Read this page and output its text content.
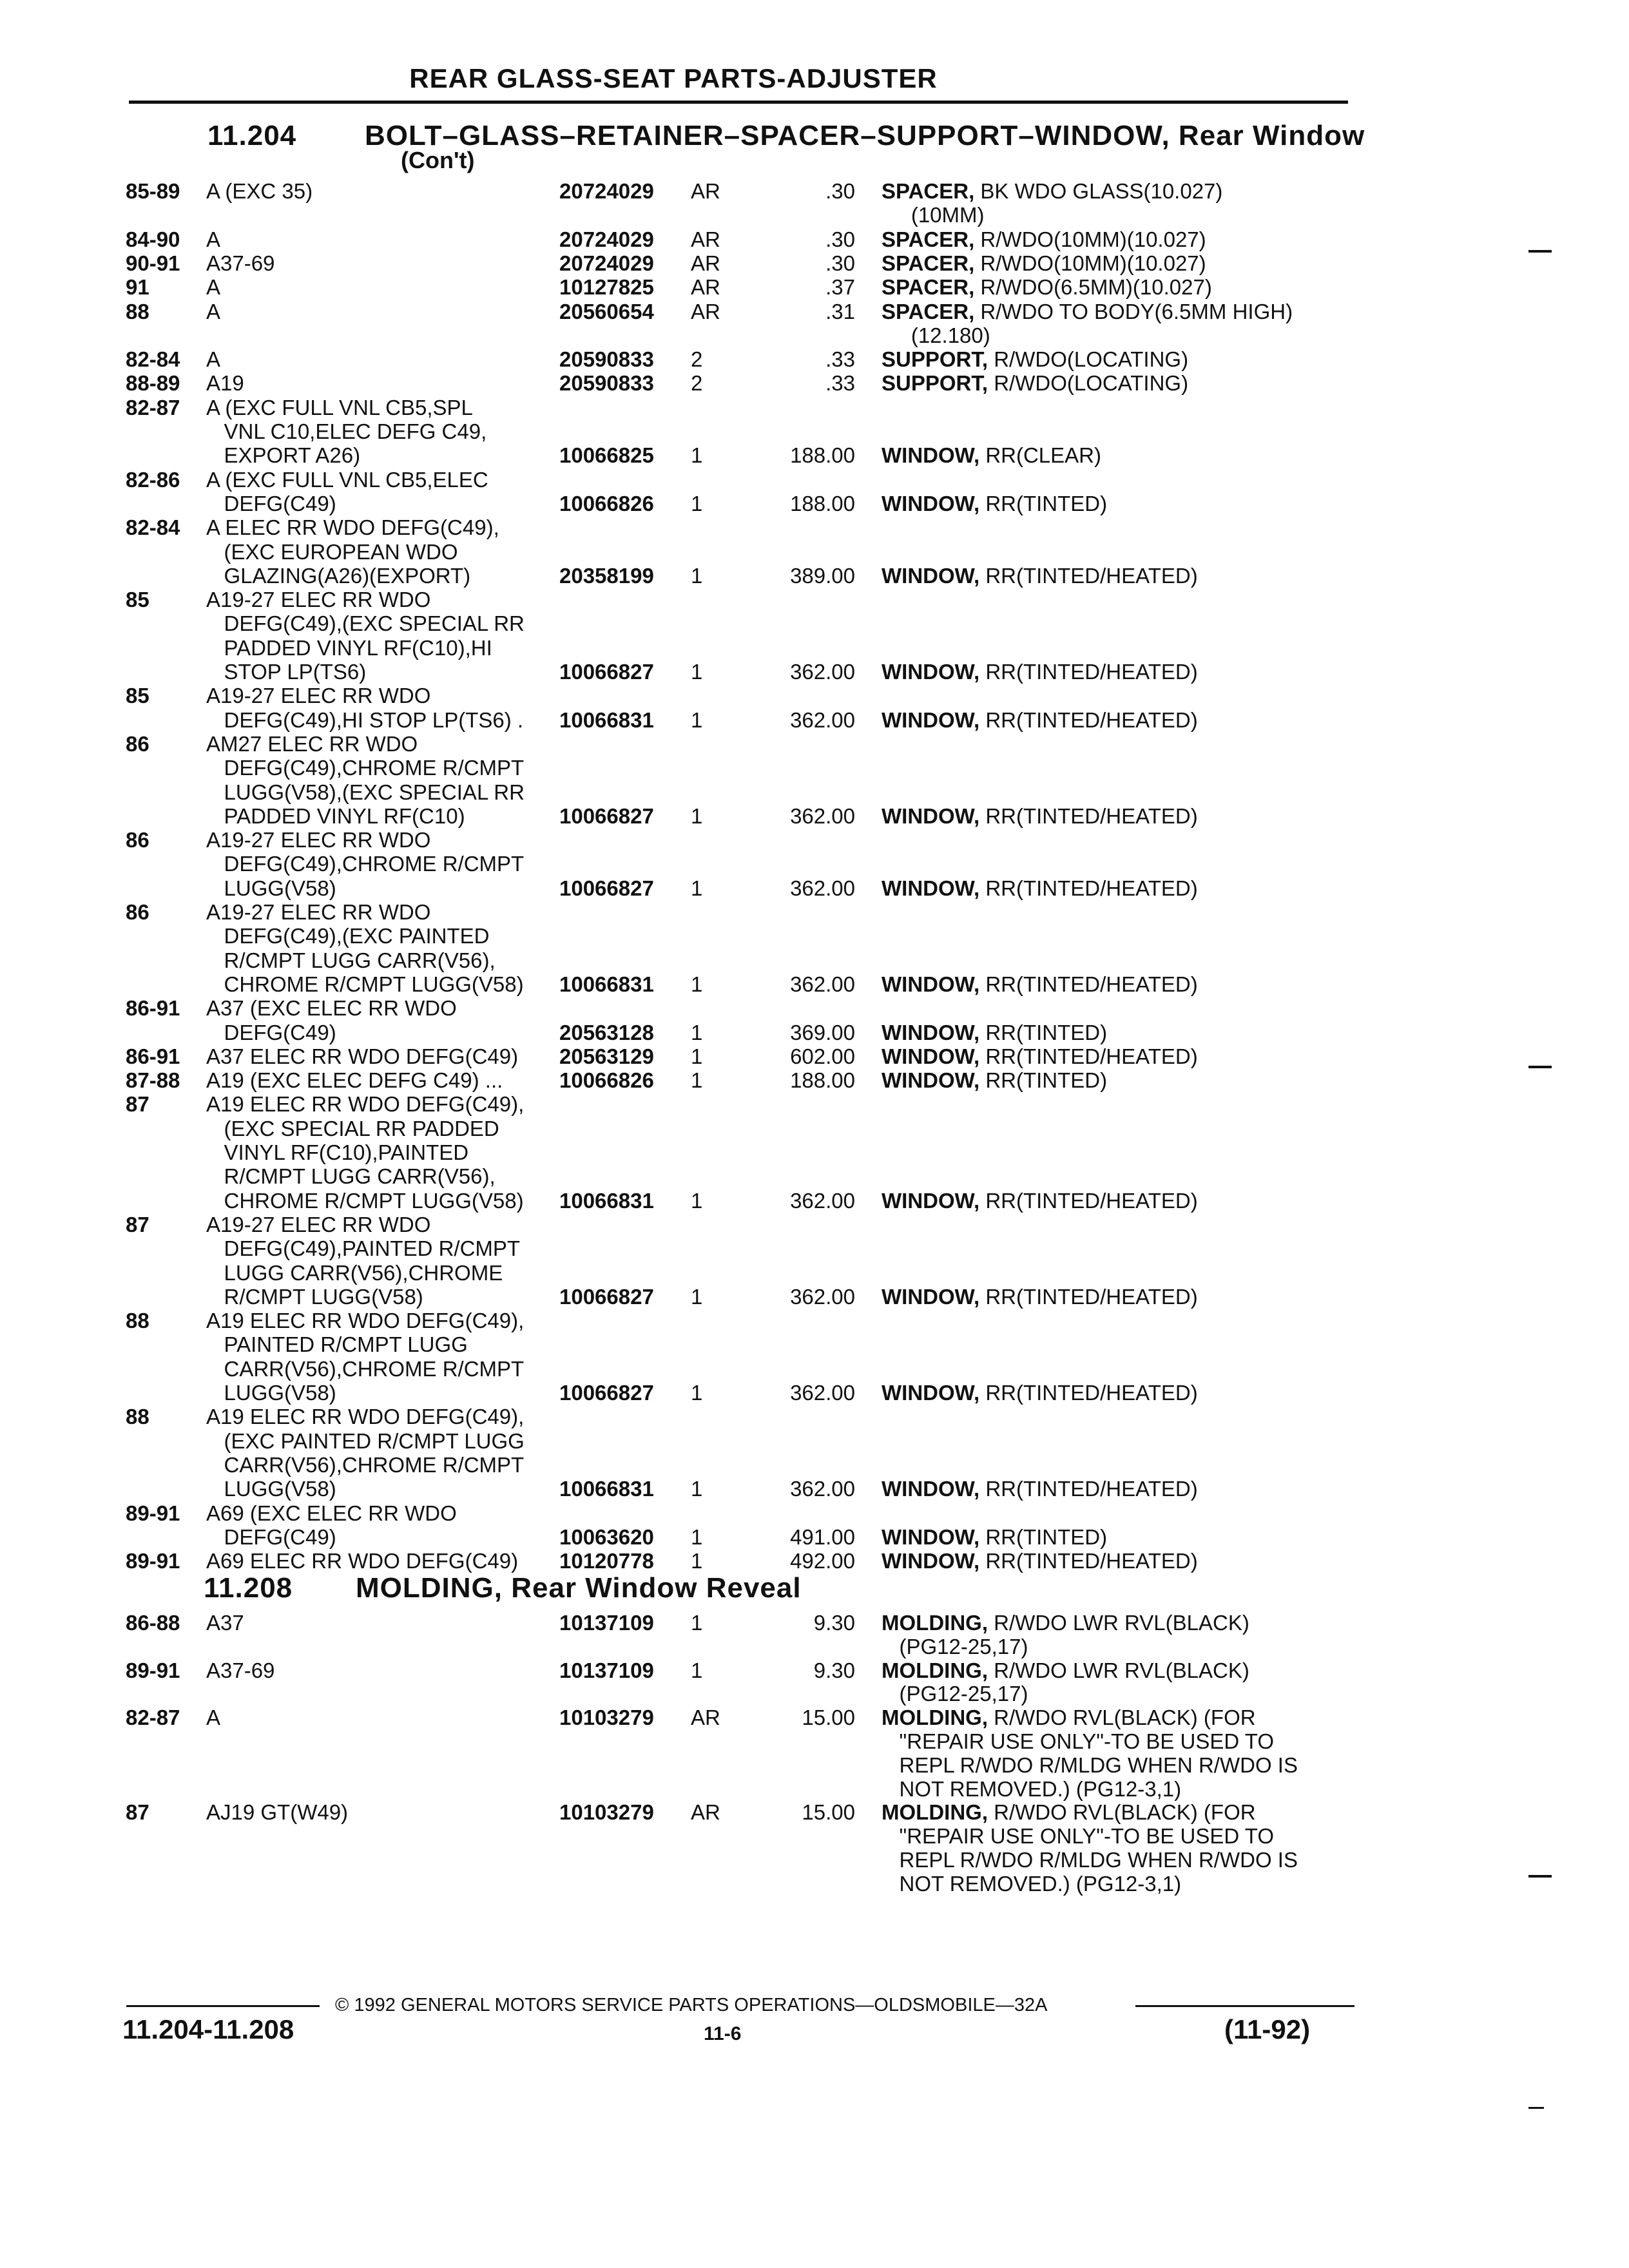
REAR GLASS-SEAT PARTS-ADJUSTER
11.204 BOLT–GLASS–RETAINER–SPACER–SUPPORT–WINDOW, Rear Window
(Con't)
85-89	A (EXC 35)	20724029	AR	.30 SPACER, BK WDO GLASS(10.027)
(10MM)
84-90	A	20724029	AR	.30 SPACER, R/WDO(10MM)(10.027)
90-91	A37-69	20724029	AR	.30 SPACER, R/WDO(10MM)(10.027)
91	A	10127825	AR	.37 SPACER, R/WDO(6.5MM)(10.027)
88	A	20560654	AR	.31 SPACER, R/WDO TO BODY(6.5MM HIGH)
(12.180)
82-84	A	20590833	2	.33 SUPPORT, R/WDO(LOCATING)
88-89	A19	20590833	2	.33 SUPPORT, R/WDO(LOCATING)
82-87	A (EXC FULL VNL CB5,SPL
VNL C10,ELEC DEFG C49,
EXPORT A26)	10066825	1	188.00 WINDOW, RR(CLEAR)
82-86	A (EXC FULL VNL CB5,ELEC
DEFG(C49)	10066826	1	188.00 WINDOW, RR(TINTED)
82-84	A ELEC RR WDO DEFG(C49),
(EXC EUROPEAN WDO
GLAZING(A26)(EXPORT)	20358199	1	389.00 WINDOW, RR(TINTED/HEATED)
85	A19-27 ELEC RR WDO
DEFG(C49),(EXC SPECIAL RR
PADDED VINYL RF(C10),HI
STOP LP(TS6)	10066827	1	362.00 WINDOW, RR(TINTED/HEATED)
85	A19-27 ELEC RR WDO
DEFG(C49),HI STOP LP(TS6) .	10066831	1	362.00 WINDOW, RR(TINTED/HEATED)
86	AM27 ELEC RR WDO
DEFG(C49),CHROME R/CMPT
LUGG(V58),(EXC SPECIAL RR
PADDED VINYL RF(C10)	10066827	1	362.00 WINDOW, RR(TINTED/HEATED)
86	A19-27 ELEC RR WDO
DEFG(C49),CHROME R/CMPT
LUGG(V58)	10066827	1	362.00 WINDOW, RR(TINTED/HEATED)
86	A19-27 ELEC RR WDO
DEFG(C49),(EXC PAINTED
R/CMPT LUGG CARR(V56),
CHROME R/CMPT LUGG(V58)	10066831	1	362.00 WINDOW, RR(TINTED/HEATED)
86-91	A37 (EXC ELEC RR WDO
DEFG(C49)	20563128	1	369.00 WINDOW, RR(TINTED)
86-91	A37 ELEC RR WDO DEFG(C49)	20563129	1	602.00 WINDOW, RR(TINTED/HEATED)
87-88	A19 (EXC ELEC DEFG C49) ...	10066826	1	188.00 WINDOW, RR(TINTED)
87	A19 ELEC RR WDO DEFG(C49),
(EXC SPECIAL RR PADDED
VINYL RF(C10),PAINTED
R/CMPT LUGG CARR(V56),
CHROME R/CMPT LUGG(V58)	10066831	1	362.00 WINDOW, RR(TINTED/HEATED)
87	A19-27 ELEC RR WDO
DEFG(C49),PAINTED R/CMPT
LUGG CARR(V56),CHROME
R/CMPT LUGG(V58)	10066827	1	362.00 WINDOW, RR(TINTED/HEATED)
88	A19 ELEC RR WDO DEFG(C49),
PAINTED R/CMPT LUGG
CARR(V56),CHROME R/CMPT
LUGG(V58)	10066827	1	362.00 WINDOW, RR(TINTED/HEATED)
88	A19 ELEC RR WDO DEFG(C49),
(EXC PAINTED R/CMPT LUGG
CARR(V56),CHROME R/CMPT
LUGG(V58)	10066831	1	362.00 WINDOW, RR(TINTED/HEATED)
89-91	A69 (EXC ELEC RR WDO
DEFG(C49)	10063620	1	491.00 WINDOW, RR(TINTED)
89-91	A69 ELEC RR WDO DEFG(C49)	10120778	1	492.00 WINDOW, RR(TINTED/HEATED)
11.208 MOLDING, Rear Window Reveal
86-88	A37	10137109	1	9.30 MOLDING, R/WDO LWR RVL(BLACK)
(PG12-25,17)
89-91	A37-69	10137109	1	9.30 MOLDING, R/WDO LWR RVL(BLACK)
(PG12-25,17)
82-87	A	10103279	AR	15.00 MOLDING, R/WDO RVL(BLACK) (FOR
"REPAIR USE ONLY"-TO BE USED TO
REPL R/WDO R/MLDG WHEN R/WDO IS
NOT REMOVED.) (PG12-3,1)
87	AJ19 GT(W49)	10103279	AR	15.00 MOLDING, R/WDO RVL(BLACK) (FOR
"REPAIR USE ONLY"-TO BE USED TO
REPL R/WDO R/MLDG WHEN R/WDO IS
NOT REMOVED.) (PG12-3,1)
© 1992 GENERAL MOTORS SERVICE PARTS OPERATIONS—OLDSMOBILE—32A
11.204-11.208	11-6	(11-92)
